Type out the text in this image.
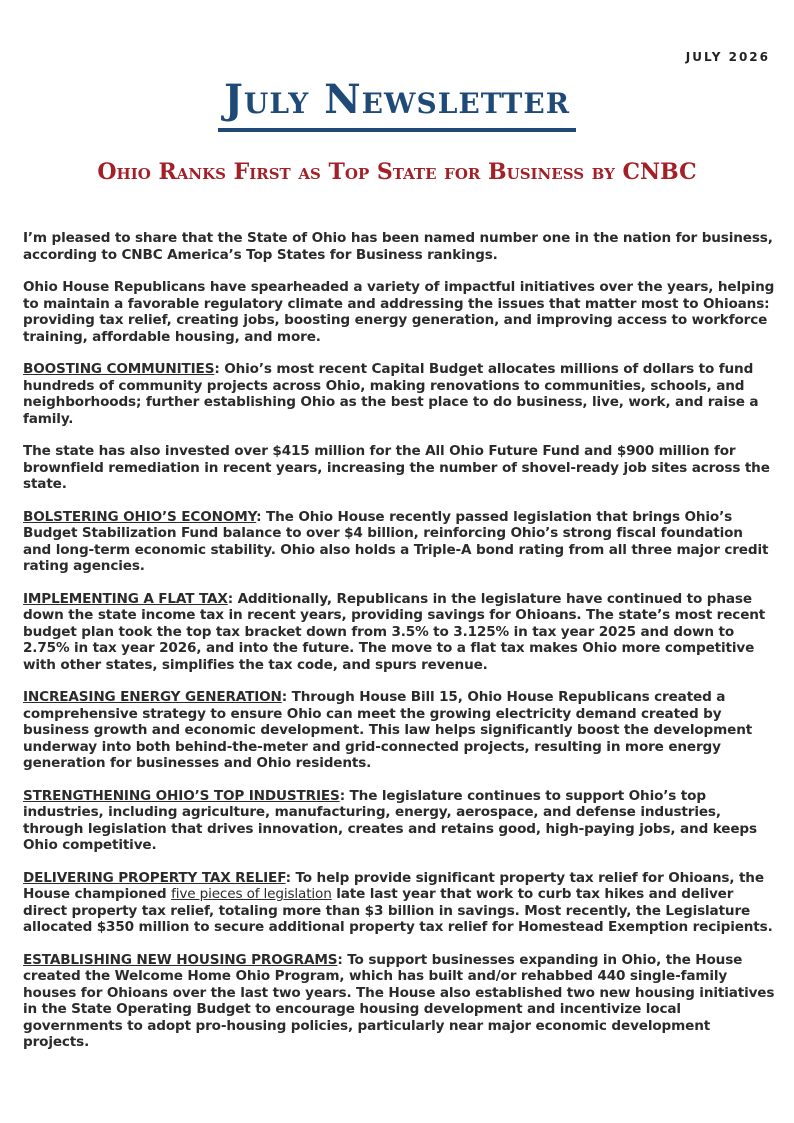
JULY 2026
July Newsletter
Ohio Ranks First as Top State for Business by CNBC

I’m pleased to share that the State of Ohio has been named number one in the nation for business, according to CNBC America’s Top States for Business rankings.

Ohio House Republicans have spearheaded a variety of impactful initiatives over the years, helping to maintain a favorable regulatory climate and addressing the issues that matter most to Ohioans: providing tax relief, creating jobs, boosting energy generation, and improving access to workforce training, affordable housing, and more.

BOOSTING COMMUNITIES: Ohio’s most recent Capital Budget allocates millions of dollars to fund hundreds of community projects across Ohio, making renovations to communities, schools, and neighborhoods; further establishing Ohio as the best place to do business, live, work, and raise a family.

The state has also invested over $415 million for the All Ohio Future Fund and $900 million for brownfield remediation in recent years, increasing the number of shovel-ready job sites across the state.

BOLSTERING OHIO’S ECONOMY: The Ohio House recently passed legislation that brings Ohio’s Budget Stabilization Fund balance to over $4 billion, reinforcing Ohio’s strong fiscal foundation and long-term economic stability. Ohio also holds a Triple-A bond rating from all three major credit rating agencies.

IMPLEMENTING A FLAT TAX: Additionally, Republicans in the legislature have continued to phase down the state income tax in recent years, providing savings for Ohioans. The state’s most recent budget plan took the top tax bracket down from 3.5% to 3.125% in tax year 2025 and down to 2.75% in tax year 2026, and into the future. The move to a flat tax makes Ohio more competitive with other states, simplifies the tax code, and spurs revenue.

INCREASING ENERGY GENERATION: Through House Bill 15, Ohio House Republicans created a comprehensive strategy to ensure Ohio can meet the growing electricity demand created by business growth and economic development. This law helps significantly boost the development underway into both behind-the-meter and grid-connected projects, resulting in more energy generation for businesses and Ohio residents.

STRENGTHENING OHIO’S TOP INDUSTRIES: The legislature continues to support Ohio’s top industries, including agriculture, manufacturing, energy, aerospace, and defense industries, through legislation that drives innovation, creates and retains good, high-paying jobs, and keeps Ohio competitive.

DELIVERING PROPERTY TAX RELIEF: To help provide significant property tax relief for Ohioans, the House championed five pieces of legislation late last year that work to curb tax hikes and deliver direct property tax relief, totaling more than $3 billion in savings. Most recently, the Legislature allocated $350 million to secure additional property tax relief for Homestead Exemption recipients.

ESTABLISHING NEW HOUSING PROGRAMS: To support businesses expanding in Ohio, the House created the Welcome Home Ohio Program, which has built and/or rehabbed 440 single-family houses for Ohioans over the last two years. The House also established two new housing initiatives in the State Operating Budget to encourage housing development and incentivize local governments to adopt pro-housing policies, particularly near major economic development projects.
